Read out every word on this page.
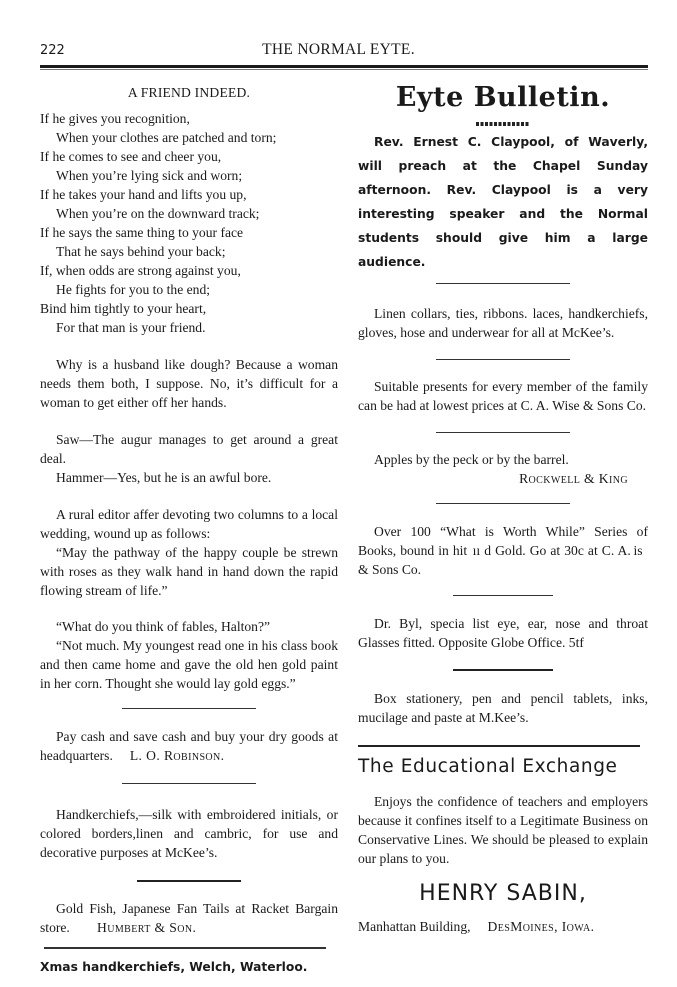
222	THE NORMAL EYTE.
A FRIEND INDEED.
If he gives you recognition,
When your clothes are patched and torn;
If he comes to see and cheer you,
When you’re lying sick and worn;
If he takes your hand and lifts you up,
When you’re on the downward track;
If he says the same thing to your face
That he says behind your back;
If, when odds are strong against you,
He fights for you to the end;
Bind him tightly to your heart,
For that man is your friend.
Why is a husband like dough? Because a woman needs them both, I suppose. No, it’s difficult for a woman to get either off her hands.
Saw—The augur manages to get around a great deal.
Hammer—Yes, but he is an awful bore.
A rural editor affer devoting two columns to a local wedding, wound up as follows:
“May the pathway of the happy couple be strewn with roses as they walk hand in hand down the rapid flowing stream of life.”
“What do you think of fables, Halton?”
“Not much. My youngest read one in his class book and then came home and gave the old hen gold paint in her corn. Thought she would lay gold eggs.”
Pay cash and save cash and buy your dry goods at headquarters. L. O. Robinson.
Handkerchiefs,—silk with embroidered initials, or colored borders,linen and cambric, for use and decorative purposes at McKee’s.
Gold Fish, Japanese Fan Tails at Racket Bargain store. Humbert & Son.
Xmas handkerchiefs, Welch, Waterloo.
Eyte Bulletin.
Rev. Ernest C. Claypool, of Waverly, will preach at the Chapel Sunday afternoon. Rev. Claypool is a very interesting speaker and the Normal students should give him a large audience.
Linen collars, ties, ribbons. laces, handkerchiefs, gloves, hose and underwear for all at McKee’s.
Suitable presents for every member of the family can be had at lowest prices at C. A. Wise & Sons Co.
Apples by the peck or by the barrel.
Rockwell & King
Over 100 “What is Worth While” Series of Books, bound in hit  ıı d Gold. Go at 30c at C. A. is  & Sons Co.
Dr. Byl, specia list eye, ear, nose and throat Glasses fitted. Opposite Globe Office. 5tf
Box stationery, pen and pencil tablets, inks, mucilage and paste at M.Kee’s.
The Educational Exchange
Enjoys the confidence of teachers and employers because it confines itself to a Legitimate Business on Conservative Lines. We should be pleased to explain our plans to you.
HENRY SABIN,
Manhattan Building, DesMoines, Iowa.
